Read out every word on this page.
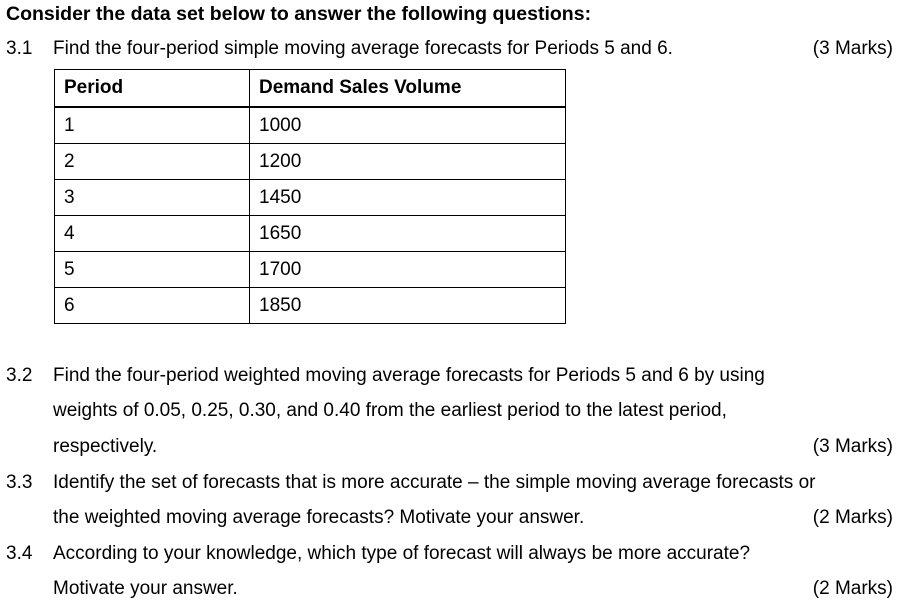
Consider the data set below to answer the following questions:
3.1 Find the four-period simple moving average forecasts for Periods 5 and 6.	(3 Marks)
Period	Demand Sales Volume
1	1000
2	1200
3	1450
4	1650
5	1700
6	1850
3.2 Find the four-period weighted moving average forecasts for Periods 5 and 6 by using
weights of 0.05, 0.25, 0.30, and 0.40 from the earliest period to the latest period,
respectively.	(3 Marks)
3.3 Identify the set of forecasts that is more accurate – the simple moving average forecasts or
the weighted moving average forecasts? Motivate your answer.	(2 Marks)
3.4 According to your knowledge, which type of forecast will always be more accurate?
Motivate your answer.	(2 Marks)
